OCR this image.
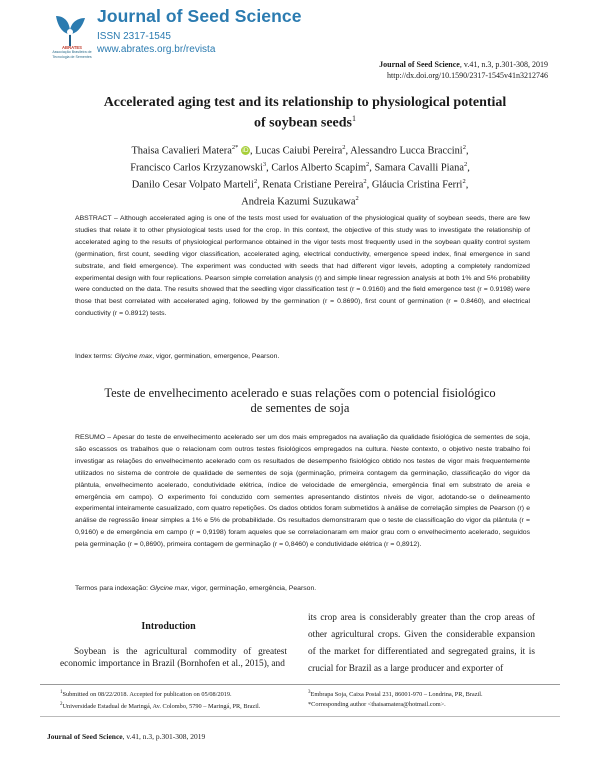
ABRATES
Associação Brasileira de Tecnologia de Sementes
Journal of Seed Science
ISSN 2317-1545
www.abrates.org.br/revista
Journal of Seed Science, v.41, n.3, p.301-308, 2019
http://dx.doi.org/10.1590/2317-1545v41n3212746
Accelerated aging test and its relationship to physiological potential
of soybean seeds$^1$
Thaisa Cavalieri Matera$^{2*}$ iD, Lucas Caiubi Pereira$^2$, Alessandro Lucca Braccini$^2$,
Francisco Carlos Krzyzanowski$^3$, Carlos Alberto Scapim$^2$, Samara Cavalli Piana$^2$,
Danilo Cesar Volpato Marteli$^2$, Renata Cristiane Pereira$^2$, Gláucia Cristina Ferri$^2$,
Andreia Kazumi Suzukawa$^2$
ABSTRACT – Although accelerated aging is one of the tests most used for evaluation of the physiological quality of soybean seeds, there are few studies that relate it to other physiological tests used for the crop. In this context, the objective of this study was to investigate the relationship of accelerated aging to the results of physiological performance obtained in the vigor tests most frequently used in the soybean quality control system (germination, first count, seedling vigor classification, accelerated aging, electrical conductivity, emergence speed index, final emergence in sand substrate, and field emergence). The experiment was conducted with seeds that had different vigor levels, adopting a completely randomized experimental design with four replications. Pearson simple correlation analysis (r) and simple linear regression analysis at both 1% and 5% probability were conducted on the data. The results showed that the seedling vigor classification test (r = 0.9160) and the field emergence test (r = 0.9198) were those that best correlated with accelerated aging, followed by the germination (r = 0.8690), first count of germination (r = 0.8460), and electrical conductivity (r = 0.8912) tests.
Index terms: Glycine max, vigor, germination, emergence, Pearson.
Teste de envelhecimento acelerado e suas relações com o potencial fisiológico
de sementes de soja
RESUMO – Apesar do teste de envelhecimento acelerado ser um dos mais empregados na avaliação da qualidade fisiológica de sementes de soja, são escassos os trabalhos que o relacionam com outros testes fisiológicos empregados na cultura. Neste contexto, o objetivo neste trabalho foi investigar as relações do envelhecimento acelerado com os resultados de desempenho fisiológico obtido nos testes de vigor mais frequentemente utilizados no sistema de controle de qualidade de sementes de soja (germinação, primeira contagem da germinação, classificação do vigor da plântula, envelhecimento acelerado, condutividade elétrica, índice de velocidade de emergência, emergência final em substrato de areia e emergência em campo). O experimento foi conduzido com sementes apresentando distintos níveis de vigor, adotando-se o delineamento experimental inteiramente casualizado, com quatro repetições. Os dados obtidos foram submetidos à análise de correlação simples de Pearson (r) e análise de regressão linear simples a 1% e 5% de probabilidade. Os resultados demonstraram que o teste de classificação do vigor da plântula (r = 0,9160) e de emergência em campo (r = 0,9198) foram aqueles que se correlacionaram em maior grau com o envelhecimento acelerado, seguidos pela germinação (r = 0,8690), primeira contagem de germinação (r = 0,8460) e condutividade elétrica (r = 0,8912).
Termos para indexação: Glycine max, vigor, germinação, emergência, Pearson.
Introduction
Soybean is the agricultural commodity of greatest economic importance in Brazil (Bornhofen et al., 2015), and
its crop area is considerably greater than the crop areas of other agricultural crops. Given the considerable expansion of the market for differentiated and segregated grains, it is crucial for Brazil as a large producer and exporter of
$^1$Submitted on 08/22/2018. Accepted for publication on 05/08/2019.
$^2$Universidade Estadual de Maringá, Av. Colombo, 5790 – Maringá, PR, Brazil.
$^3$Embrapa Soja, Caixa Postal 231, 86001-970 – Londrina, PR, Brazil.
*Corresponding author <thaisamatera@hotmail.com>.
Journal of Seed Science, v.41, n.3, p.301-308, 2019
